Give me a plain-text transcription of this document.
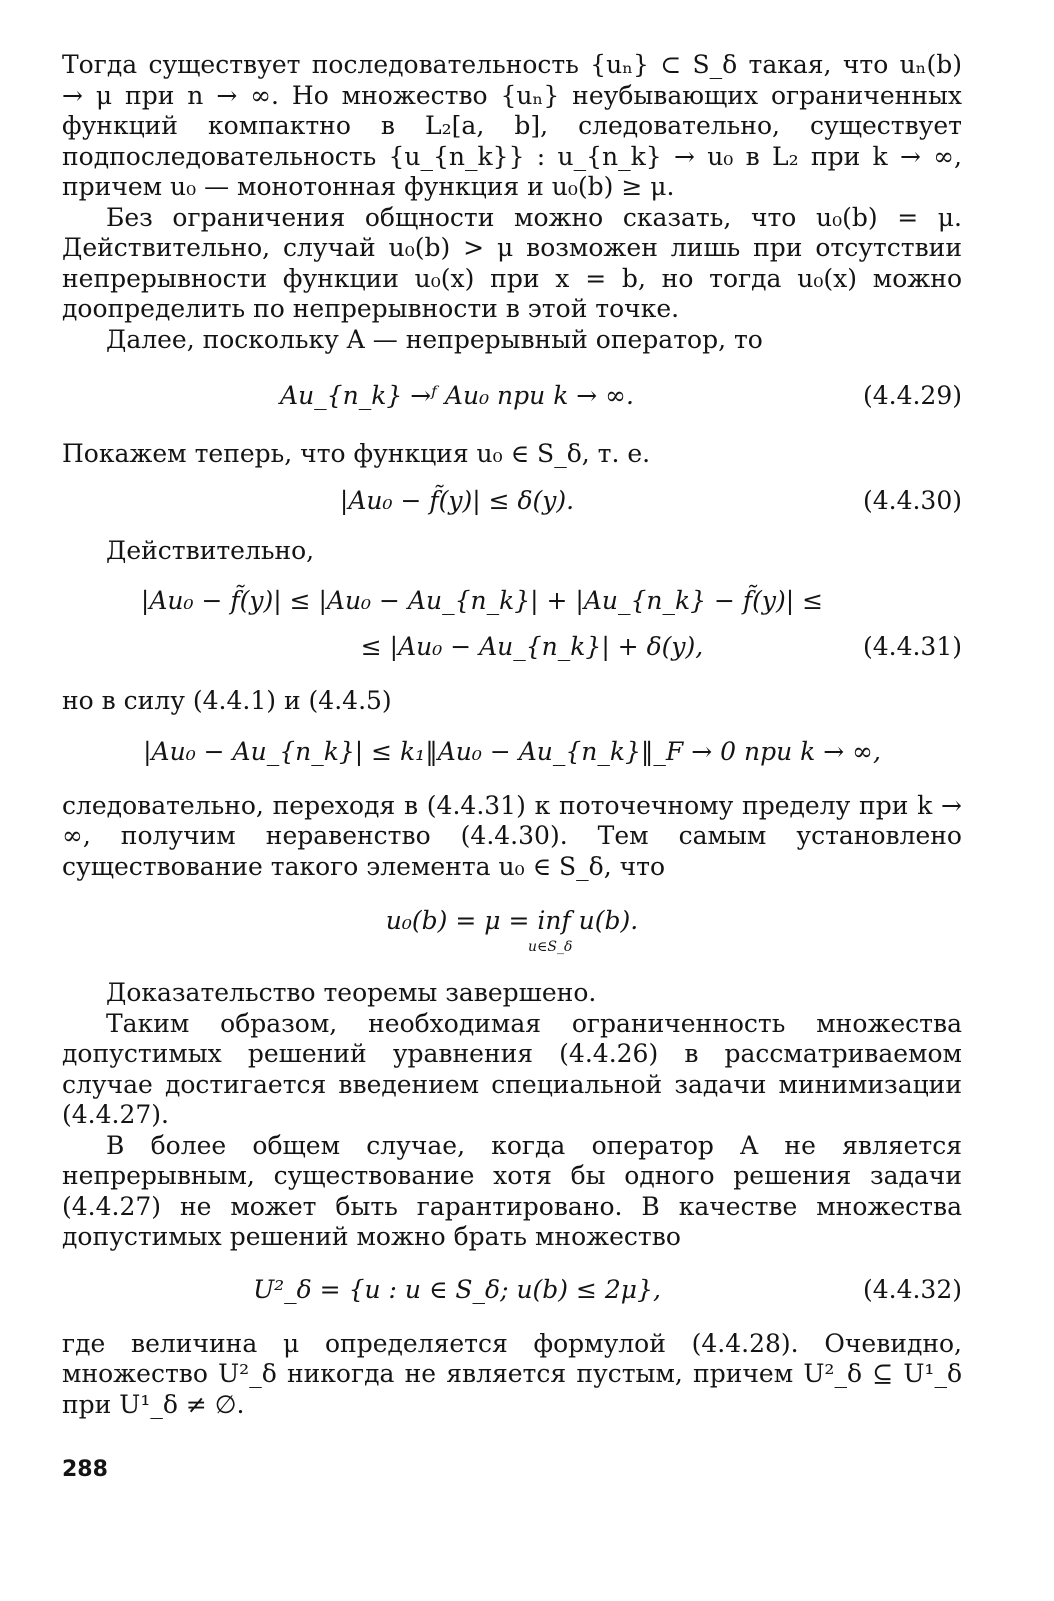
Тогда существует последовательность {uₙ} ⊂ S_δ такая, что uₙ(b) → μ при n → ∞. Но множество {uₙ} неубывающих ограниченных функций компактно в L₂[a, b], следовательно, существует подпоследовательность {u_{n_k}} : u_{n_k} → u₀ в L₂ при k → ∞, причем u₀ — монотонная функция и u₀(b) ≥ μ.

Без ограничения общности можно сказать, что u₀(b) = μ. Действительно, случай u₀(b) > μ возможен лишь при отсутствии непрерывности функции u₀(x) при x = b, но тогда u₀(x) можно доопределить по непрерывности в этой точке.

Далее, поскольку A — непрерывный оператор, то

Au_{n_k} →ᶠ Au₀ при k → ∞.	(4.4.29)

Покажем теперь, что функция u₀ ∈ S_δ, т. е.

|Au₀ − f̃(y)| ≤ δ(y).	(4.4.30)

Действительно,

|Au₀ − f̃(y)| ≤ |Au₀ − Au_{n_k}| + |Au_{n_k} − f̃(y)| ≤
≤ |Au₀ − Au_{n_k}| + δ(y),	(4.4.31)

но в силу (4.4.1) и (4.4.5)

|Au₀ − Au_{n_k}| ≤ k₁‖Au₀ − Au_{n_k}‖_F → 0 при k → ∞,

следовательно, переходя в (4.4.31) к поточечному пределу при k → ∞, получим неравенство (4.4.30). Тем самым установлено существование такого элемента u₀ ∈ S_δ, что

u₀(b) = μ = inf u(b).
u∈S_δ

Доказательство теоремы завершено.

Таким образом, необходимая ограниченность множества допустимых решений уравнения (4.4.26) в рассматриваемом случае достигается введением специальной задачи минимизации (4.4.27).

В более общем случае, когда оператор A не является непрерывным, существование хотя бы одного решения задачи (4.4.27) не может быть гарантировано. В качестве множества допустимых решений можно брать множество

U²_δ = {u : u ∈ S_δ; u(b) ≤ 2μ},	(4.4.32)

где величина μ определяется формулой (4.4.28). Очевидно, множество U²_δ никогда не является пустым, причем U²_δ ⊆ U¹_δ при U¹_δ ≠ ∅.

288
